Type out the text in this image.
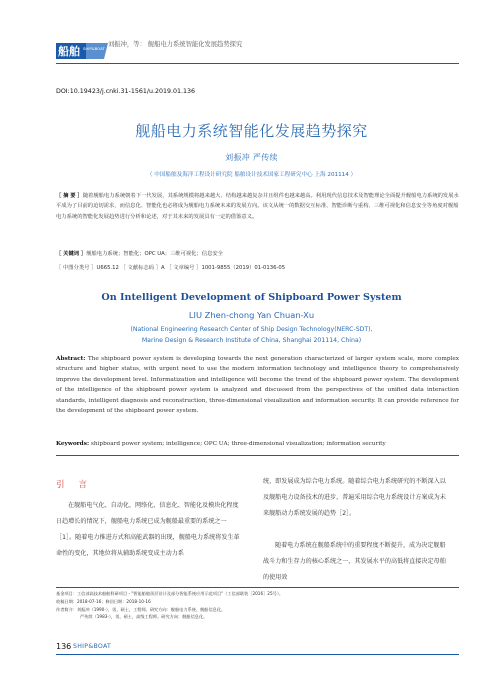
船舶 SHIP&BOAT
刘振冲，等： 舰船电力系统智能化发展趋势探究
DOI:10.19423/j.cnki.31-1561/u.2019.01.136
舰船电力系统智能化发展趋势探究
刘振冲 严传续
（ 中国船舶及海洋工程设计研究院 船舶设计技术国家工程研究中心 上海 201114 ）
［ 摘 要 ］随着舰船电力系统朝着下一代发展，其系统规模将越来越大、结构越来越复杂并且组件也越来越高。利用现代信息技术及智能理论全面提升舰船电力系统的发展水平成为了目前的迫切需求，而信息化、智能化也必将成为舰船电力系统未来的发展方向。该文从统一的数据交互标准、智能诊断与重构、三维可视化和信息安全等角度对舰船电力系统的智能化发展趋势进行分析和论述，对于其未来的发展具有一定的借鉴意义。
［ 关键词 ］舰船电力系统；智能化；OPC UA；三维可视化；信息安全
［ 中图分类号 ］U665.12 ［ 文献标志码 ］A ［ 文章编号 ］1001-9855（2019）01-0136-05
On Intelligent Development of Shipboard Power System
LIU Zhen-chong Yan Chuan-Xu
(National Engineering Research Center of Ship Design Technology(NERC-SDT),
Marine Design & Research Institute of China, Shanghai 201114, China)
Abstract: The shipboard power system is developing towards the next generation characterized of larger system scale, more complex structure and higher status, with urgent need to use the modern information technology and intelligence theory to comprehensively improve the development level. Informatization and intelligence will become the trend of the shipboard power system. The development of the intelligence of the shipboard power system is analyzed and discussed from the perspectives of the unified data interaction standards, intelligent diagnosis and reconstruction, three-dimensional visualization and information security. It can provide reference for the development of the shipboard power system.
Keywords: shipboard power system; intelligence; OPC UA; three-dimensional visualization; information security
引言
在舰船电气化、自动化、网络化、信息化、智能化及模块化程度日趋增长的情况下，舰船电力系统已成为舰船最重要的系统之一［1］。随着电力推进方式和高能武器的出现，舰船电力系统将发生革命性的变化，其地位将从辅助系统变成主动力系
统，即发展成为综合电力系统。随着综合电力系统研究的不断深入以及舰船电力设备技术的进步，普遍采用综合电力系统设计方案成为未来舰船动力系统发展的趋势［2］。
随着电力系统在舰船系统中的重要程度不断提升，成为决定舰船战斗力和生存力的核心系统之一，其发展水平的高低将直接决定母舶的使用效
基金项目：工信部高技术船舶科研项目 - "智能船舶顶层设计及部分智能系统应用示范项目"（工信部联装［2016］25号）。
收稿日期：2018-07-16；修回日期：2018-10-16
作者简介：刘振冲（1990-），男，硕士，工程师。研究方向：舰船电力系统、舰船信息化。
严传续（1983-），男，硕士，高级工程师。研究方向：舰船信息化。
136 SHIP&BOAT
